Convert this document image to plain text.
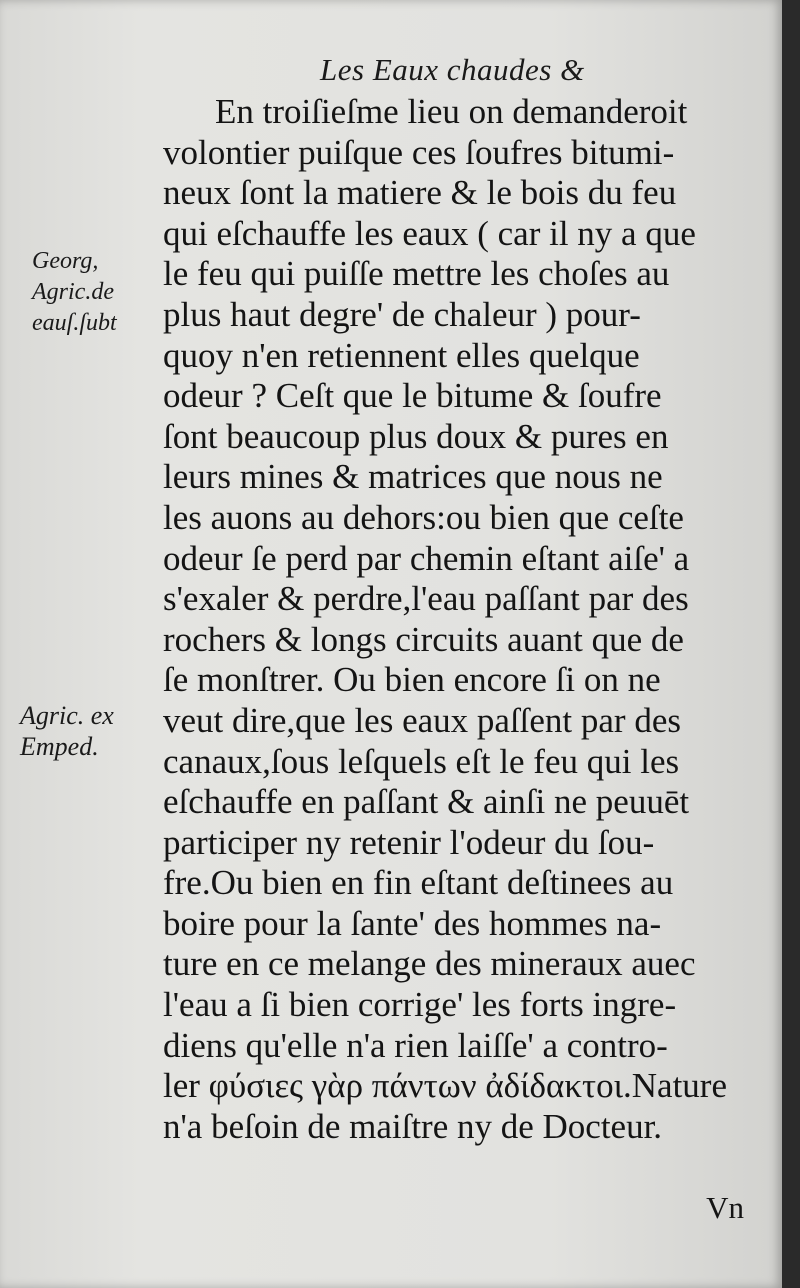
Les Eaux chaudes &
Georg,
Agric.de
eauſ.ſubt
Agric. ex
Emped.
En troiſieſme lieu on demanderoit
volontier puiſque ces ſoufres bitumi-
neux ſont la matiere & le bois du feu
qui eſchauffe les eaux ( car il ny a que
le feu qui puiſſe mettre les choſes au
plus haut degre' de chaleur ) pour-
quoy n'en retiennent elles quelque
odeur ? Ceſt que le bitume & ſoufre
ſont beaucoup plus doux & pures en
leurs mines & matrices que nous ne
les auons au dehors:ou bien que ceſte
odeur ſe perd par chemin eſtant aiſe' a
s'exaler & perdre,l'eau paſſant par des
rochers & longs circuits auant que de
ſe monſtrer. Ou bien encore ſi on ne
veut dire,que les eaux paſſent par des
canaux,ſous leſquels eſt le feu qui les
eſchauffe en paſſant & ainſi ne peuuēt
participer ny retenir l'odeur du ſou-
fre.Ou bien en fin eſtant deſtinees au
boire pour la ſante' des hommes na-
ture en ce melange des mineraux auec
l'eau a ſi bien corrige' les forts ingre-
diens qu'elle n'a rien laiſſe' a contro-
ler φύσιες γὰρ πάντων ἀδίδακτοι.Nature
n'a beſoin de maiſtre ny de Docteur.
Vn
